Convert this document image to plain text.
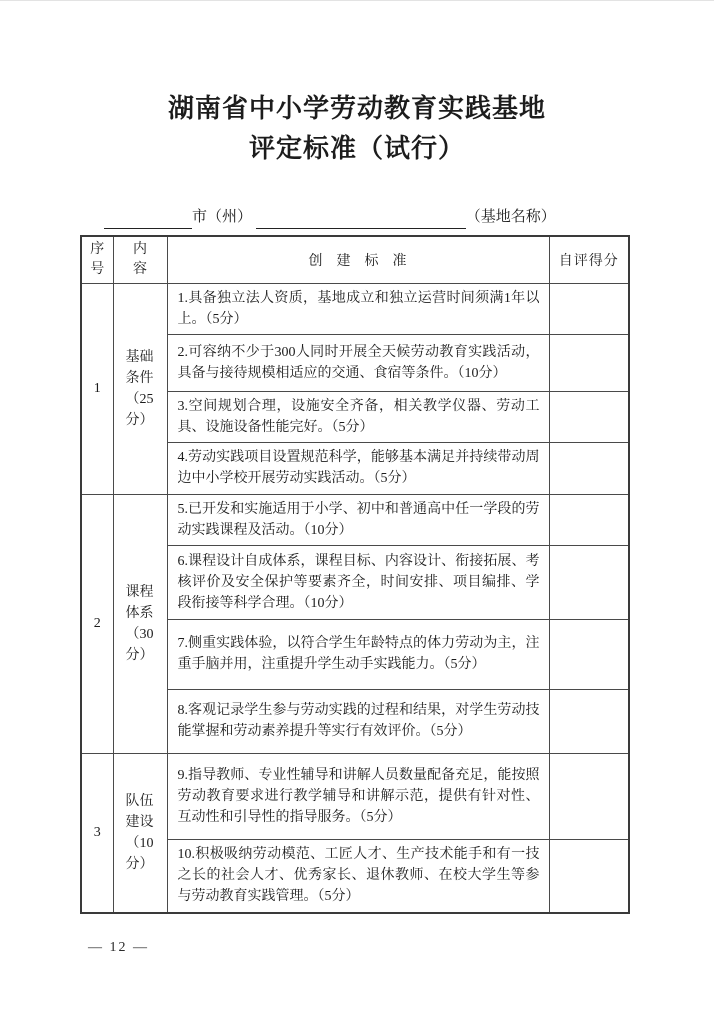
湖南省中小学劳动教育实践基地
评定标准（试行）
市（州）	（基地名称）
序号	内容	创建标准	自评得分
1	基础条件（25分）	1.具备独立法人资质，基地成立和独立运营时间须满1年以上。（5分）	
		2.可容纳不少于300人同时开展全天候劳动教育实践活动，具备与接待规模相适应的交通、食宿等条件。（10分）	
		3.空间规划合理，设施安全齐备，相关教学仪器、劳动工具、设施设备性能完好。（5分）	
		4.劳动实践项目设置规范科学，能够基本满足并持续带动周边中小学校开展劳动实践活动。（5分）	
2	课程体系（30分）	5.已开发和实施适用于小学、初中和普通高中任一学段的劳动实践课程及活动。（10分）	
		6.课程设计自成体系，课程目标、内容设计、衔接拓展、考核评价及安全保护等要素齐全，时间安排、项目编排、学段衔接等科学合理。（10分）	
		7.侧重实践体验，以符合学生年龄特点的体力劳动为主，注重手脑并用，注重提升学生动手实践能力。（5分）	
		8.客观记录学生参与劳动实践的过程和结果，对学生劳动技能掌握和劳动素养提升等实行有效评价。（5分）	
3	队伍建设（10分）	9.指导教师、专业性辅导和讲解人员数量配备充足，能按照劳动教育要求进行教学辅导和讲解示范，提供有针对性、互动性和引导性的指导服务。（5分）	
		10.积极吸纳劳动模范、工匠人才、生产技术能手和有一技之长的社会人才、优秀家长、退休教师、在校大学生等参与劳动教育实践管理。（5分）	
— 12 —
